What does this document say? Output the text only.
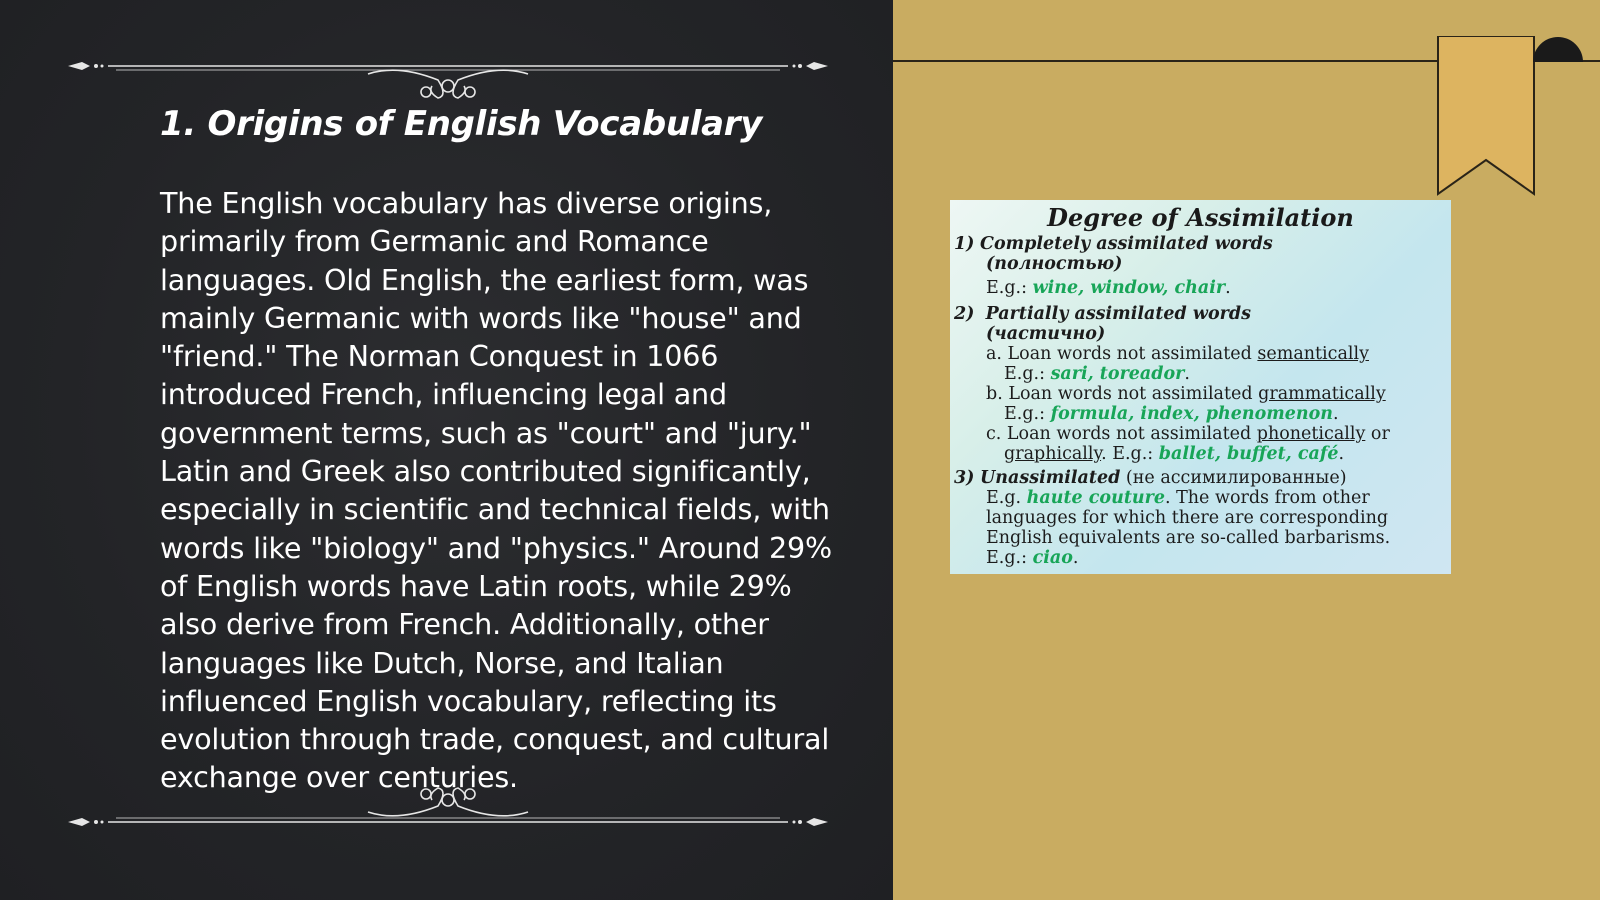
1. Origins of English Vocabulary

The English vocabulary has diverse origins, primarily from Germanic and Romance languages. Old English, the earliest form, was mainly Germanic with words like "house" and "friend." The Norman Conquest in 1066 introduced French, influencing legal and government terms, such as "court" and "jury." Latin and Greek also contributed significantly, especially in scientific and technical fields, with words like "biology" and "physics." Around 29% of English words have Latin roots, while 29% also derive from French. Additionally, other languages like Dutch, Norse, and Italian influenced English vocabulary, reflecting its evolution through trade, conquest, and cultural exchange over centuries.

Degree of Assimilation
1) Completely assimilated words
(полностью)
E.g.: wine, window, chair.
2) Partially assimilated words
(частично)
a. Loan words not assimilated semantically
E.g.: sari, toreador.
b. Loan words not assimilated grammatically
E.g.: formula, index, phenomenon.
c. Loan words not assimilated phonetically or
graphically. E.g.: ballet, buffet, café.
3) Unassimilated (не ассимилированные)
E.g. haute couture. The words from other
languages for which there are corresponding
English equivalents are so-called barbarisms.
E.g.: ciao.
